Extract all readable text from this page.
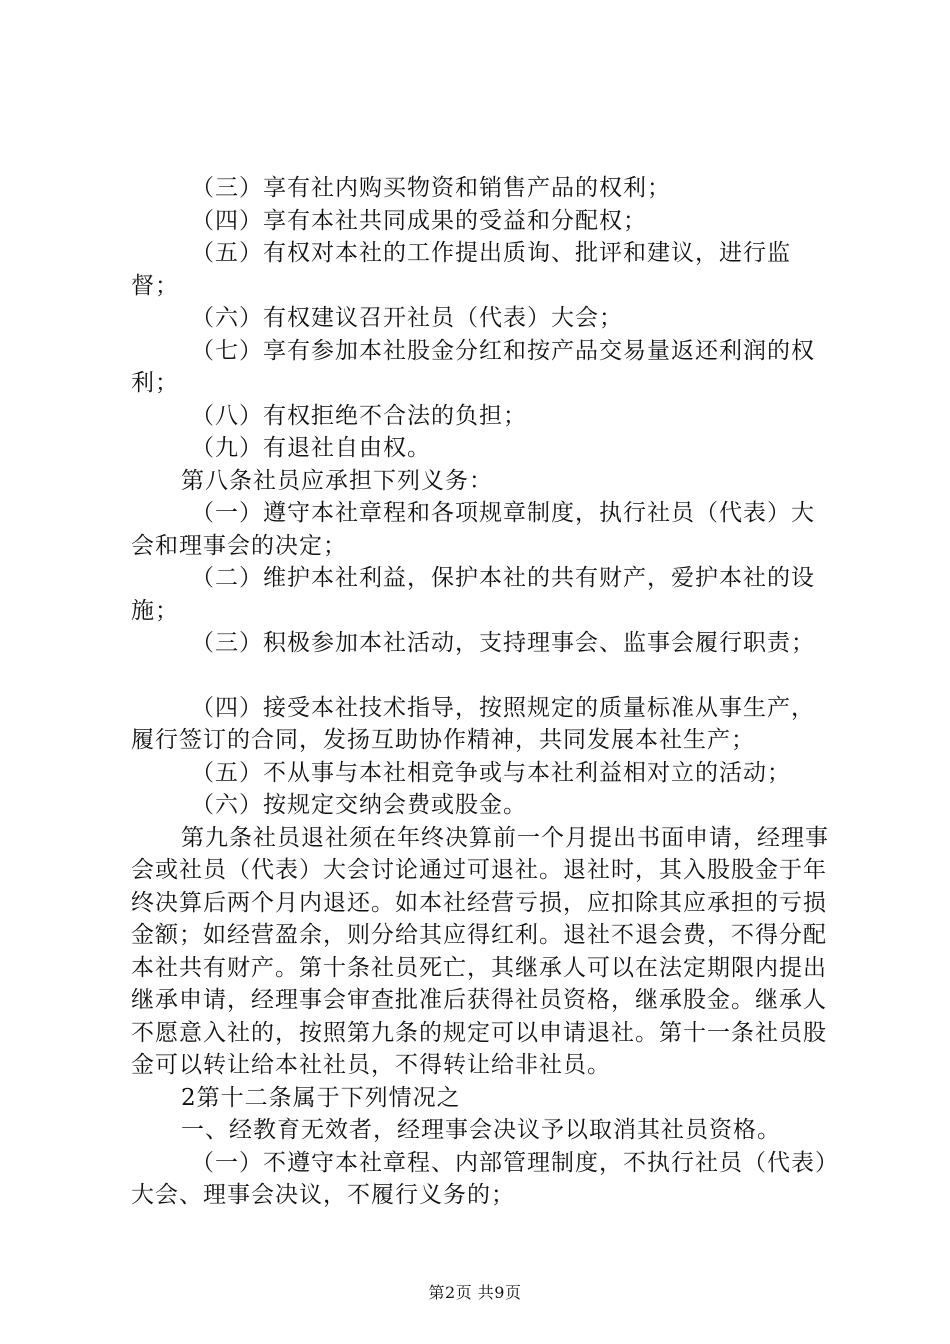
（三）享有社内购买物资和销售产品的权利；

（四）享有本社共同成果的受益和分配权；

（五）有权对本社的工作提出质询、批评和建议，进行监督；

（六）有权建议召开社员（代表）大会；

（七）享有参加本社股金分红和按产品交易量返还利润的权利；

（八）有权拒绝不合法的负担；

（九）有退社自由权。

第八条社员应承担下列义务：

（一）遵守本社章程和各项规章制度，执行社员（代表）大会和理事会的决定；

（二）维护本社利益，保护本社的共有财产，爱护本社的设施；

（三）积极参加本社活动，支持理事会、监事会履行职责；

（四）接受本社技术指导，按照规定的质量标准从事生产，履行签订的合同，发扬互助协作精神，共同发展本社生产；

（五）不从事与本社相竞争或与本社利益相对立的活动；

（六）按规定交纳会费或股金。

第九条社员退社须在年终决算前一个月提出书面申请，经理事会或社员（代表）大会讨论通过可退社。退社时，其入股股金于年终决算后两个月内退还。如本社经营亏损，应扣除其应承担的亏损金额；如经营盈余，则分给其应得红利。退社不退会费，不得分配本社共有财产。第十条社员死亡，其继承人可以在法定期限内提出继承申请，经理事会审查批准后获得社员资格，继承股金。继承人不愿意入社的，按照第九条的规定可以申请退社。第十一条社员股金可以转让给本社社员，不得转让给非社员。

2第十二条属于下列情况之

一、经教育无效者，经理事会决议予以取消其社员资格。

（一）不遵守本社章程、内部管理制度，不执行社员（代表）大会、理事会决议，不履行义务的；

第2页 共9页
